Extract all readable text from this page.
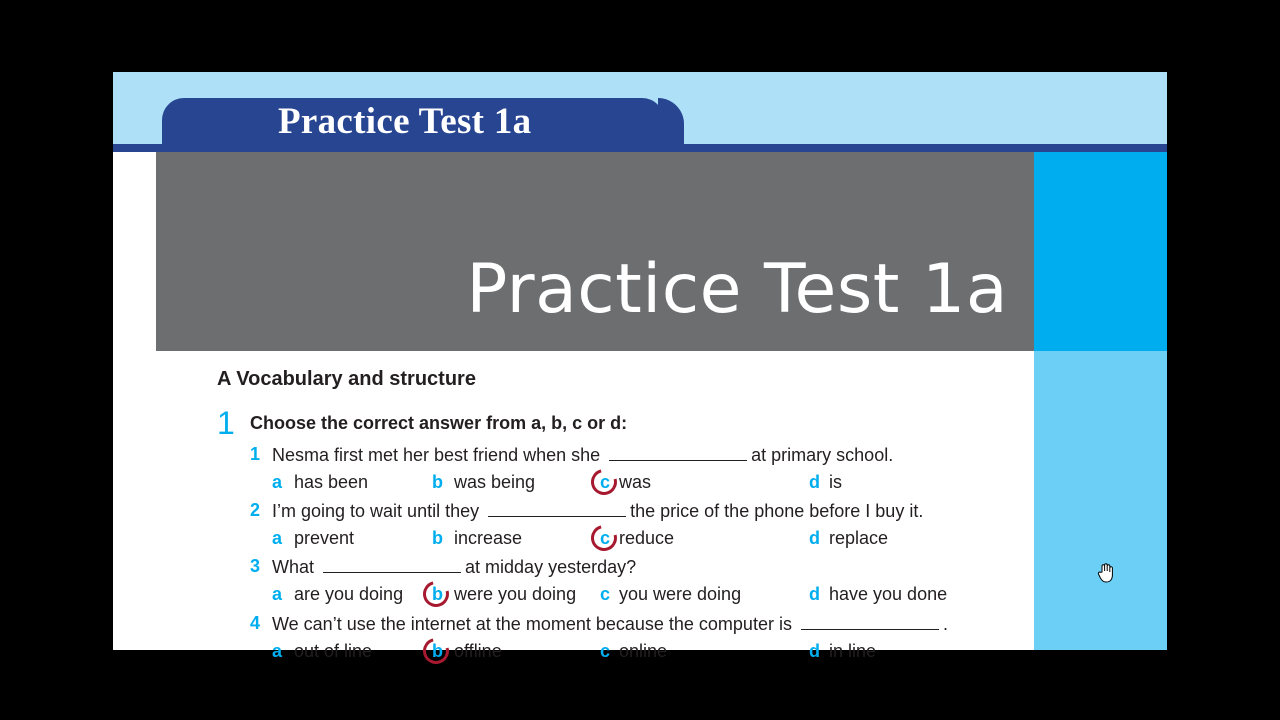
Practice Test 1a
Practice Test 1a
A Vocabulary and structure
1 Choose the correct answer from a, b, c or d:
1 Nesma first met her best friend when she	at primary school.
a has been	b was being	c was	d is
2 I’m going to wait until they	the price of the phone before I buy it.
a prevent	b increase	c reduce	d replace
3 What	at midday yesterday?
a are you doing b were you doing c you were doing	d have you done
4 We can’t use the internet at the moment because the computer is	.
a out of line	b offline	c online	d in line
